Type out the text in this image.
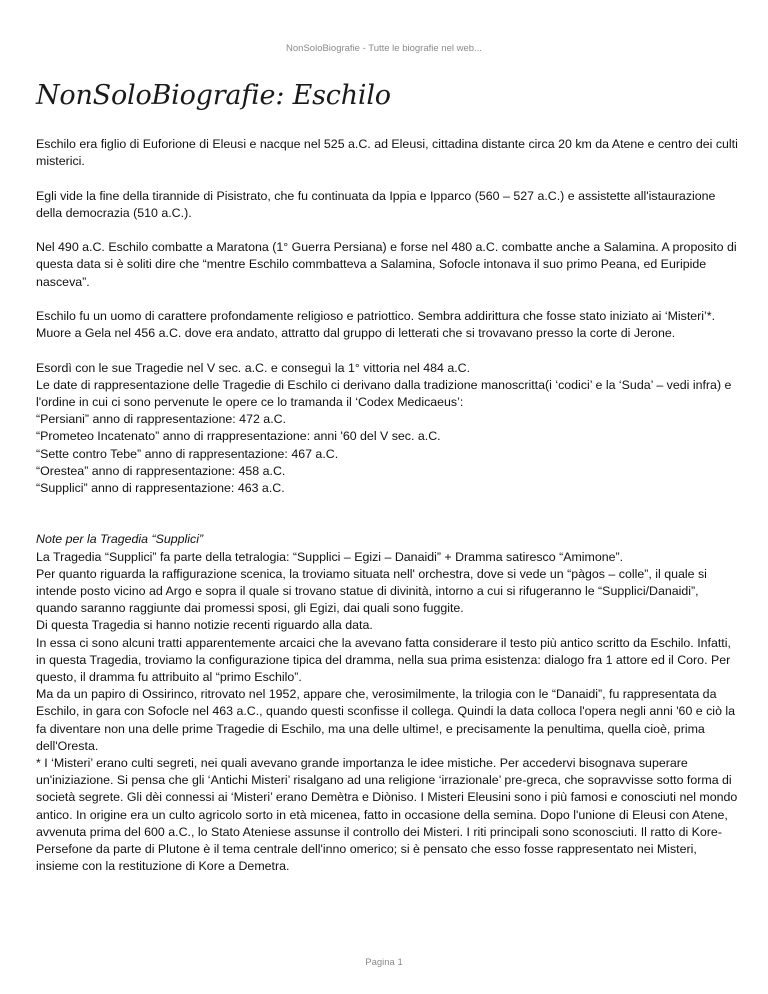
NonSoloBiografie - Tutte le biografie nel web...
NonSoloBiografie: Eschilo

Eschilo era figlio di Euforione di Eleusi e nacque nel 525 a.C. ad Eleusi, cittadina distante circa 20 km da Atene e centro dei culti misterici.

Egli vide la fine della tirannide di Pisistrato, che fu continuata da Ippia e Ipparco (560 – 527 a.C.) e assistette all'istaurazione della democrazia (510 a.C.).

Nel 490 a.C. Eschilo combatte a Maratona (1° Guerra Persiana) e forse nel 480 a.C. combatte anche a Salamina. A proposito di questa data si è soliti dire che “mentre Eschilo commbatteva a Salamina, Sofocle intonava il suo primo Peana, ed Euripide nasceva”.

Eschilo fu un uomo di carattere profondamente religioso e patriottico. Sembra addirittura che fosse stato iniziato ai ‘Misteri’*.
Muore a Gela nel 456 a.C. dove era andato, attratto dal gruppo di letterati che si trovavano presso la corte di Jerone.
Esordì con le sue Tragedie nel V sec. a.C. e conseguì la 1° vittoria nel 484 a.C.
Le date di rappresentazione delle Tragedie di Eschilo ci derivano dalla tradizione manoscritta(i ‘codici’ e la ‘Suda’ – vedi infra) e l'ordine in cui ci sono pervenute le opere ce lo tramanda il ‘Codex Medicaeus’:
“Persiani” anno di rappresentazione: 472 a.C.
“Prometeo Incatenato” anno di rrappresentazione: anni '60 del V sec. a.C.
“Sette contro Tebe” anno di rappresentazione: 467 a.C.
“Orestea” anno di rappresentazione: 458 a.C.
“Supplici” anno di rappresentazione: 463 a.C.
Note per la Tragedia “Supplici”
La Tragedia “Supplici” fa parte della tetralogia: “Supplici – Egizi – Danaidi” + Dramma satiresco “Amimone”.
Per quanto riguarda la raffigurazione scenica, la troviamo situata nell' orchestra, dove si vede un “pàgos – colle”, il quale si intende posto vicino ad Argo e sopra il quale si trovano statue di divinità, intorno a cui si rifugeranno le “Supplici/Danaidi”, quando saranno raggiunte dai promessi sposi, gli Egizi, dai quali sono fuggite.
Di questa Tragedia si hanno notizie recenti riguardo alla data.
In essa ci sono alcuni tratti apparentemente arcaici che la avevano fatta considerare il testo più antico scritto da Eschilo. Infatti, in questa Tragedia, troviamo la configurazione tipica del dramma, nella sua prima esistenza: dialogo fra 1 attore ed il Coro. Per questo, il dramma fu attribuito al “primo Eschilo”.
Ma da un papiro di Ossirinco, ritrovato nel 1952, appare che, verosimilmente, la trilogia con le “Danaidi”, fu rappresentata da Eschilo, in gara con Sofocle nel 463 a.C., quando questi sconfisse il collega. Quindi la data colloca l'opera negli anni '60 e ciò la fa diventare non una delle prime Tragedie di Eschilo, ma una delle ultime!, e precisamente la penultima, quella cioè, prima dell'Oresta.
* I ‘Misteri’ erano culti segreti, nei quali avevano grande importanza le idee mistiche. Per accedervi bisognava superare un'iniziazione. Si pensa che gli ‘Antichi Misteri’ risalgano ad una religione ‘irrazionale’ pre-greca, che sopravvisse sotto forma di società segrete. Gli dèi connessi ai ‘Misteri’ erano Demètra e Diòniso. I Misteri Eleusini sono i più famosi e conosciuti nel mondo antico. In origine era un culto agricolo sorto in età micenea, fatto in occasione della semina. Dopo l'unione di Eleusi con Atene, avvenuta prima del 600 a.C., lo Stato Ateniese assunse il controllo dei Misteri. I riti principali sono sconosciuti. Il ratto di Kore-Persefone da parte di Plutone è il tema centrale dell'inno omerico; si è pensato che esso fosse rappresentato nei Misteri, insieme con la restituzione di Kore a Demetra.
Pagina 1
